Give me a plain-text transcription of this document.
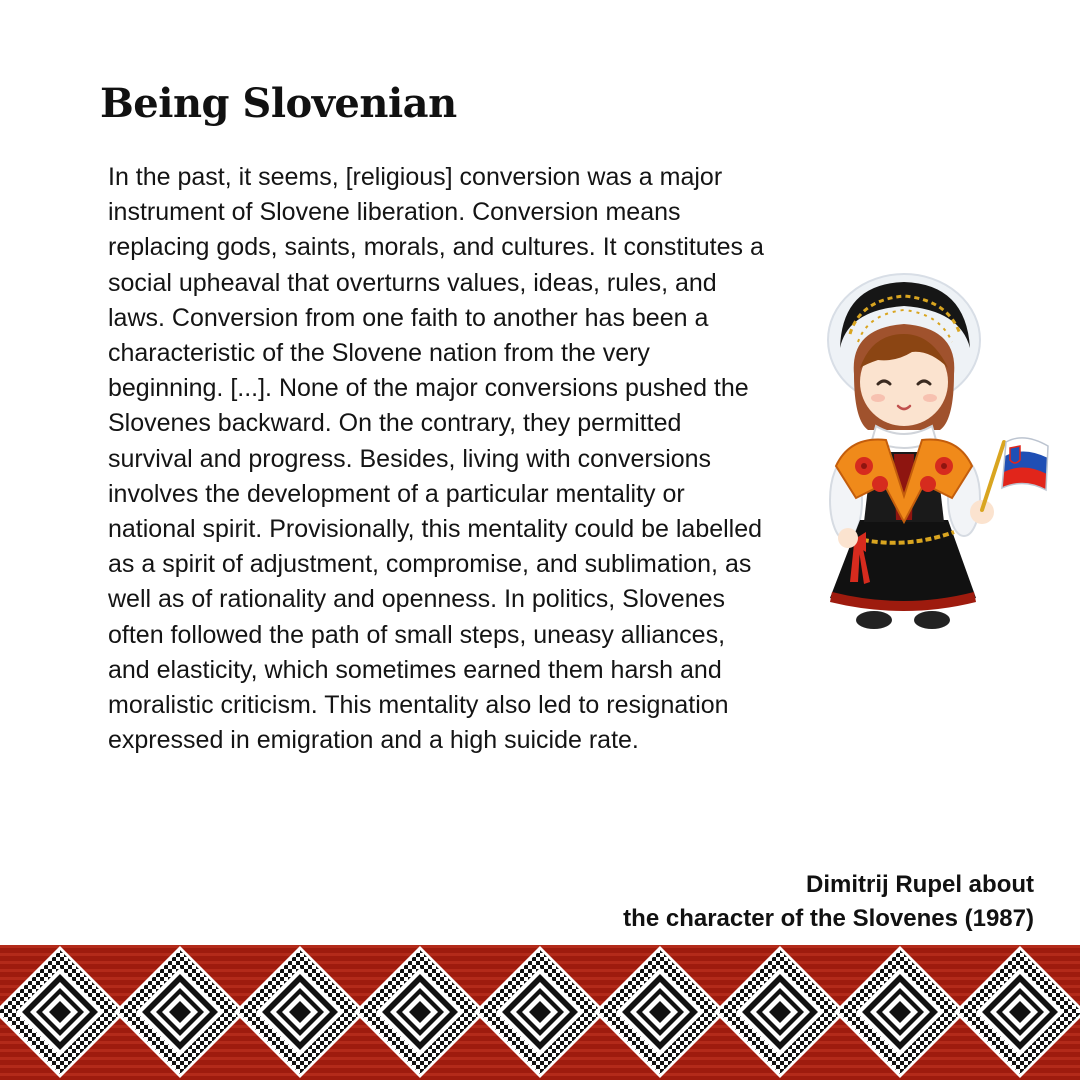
Being Slovenian

In the past, it seems, [religious] conversion was a major instrument of Slovene liberation. Conversion means replacing gods, saints, morals, and cultures. It constitutes a social upheaval that overturns values, ideas, rules, and laws. Conversion from one faith to another has been a characteristic of the Slovene nation from the very beginning. [...]. None of the major conversions pushed the Slovenes backward. On the contrary, they permitted survival and progress. Besides, living with conversions involves the development of a particular mentality or national spirit. Provisionally, this mentality could be labelled as a spirit of adjustment, compromise, and sublimation, as well as of rationality and openness. In politics, Slovenes often followed the path of small steps, uneasy alliances, and elasticity, which sometimes earned them harsh and moralistic criticism. This mentality also led to resignation expressed in emigration and a high suicide rate.

Dimitrij Rupel about
the character of the Slovenes (1987)
